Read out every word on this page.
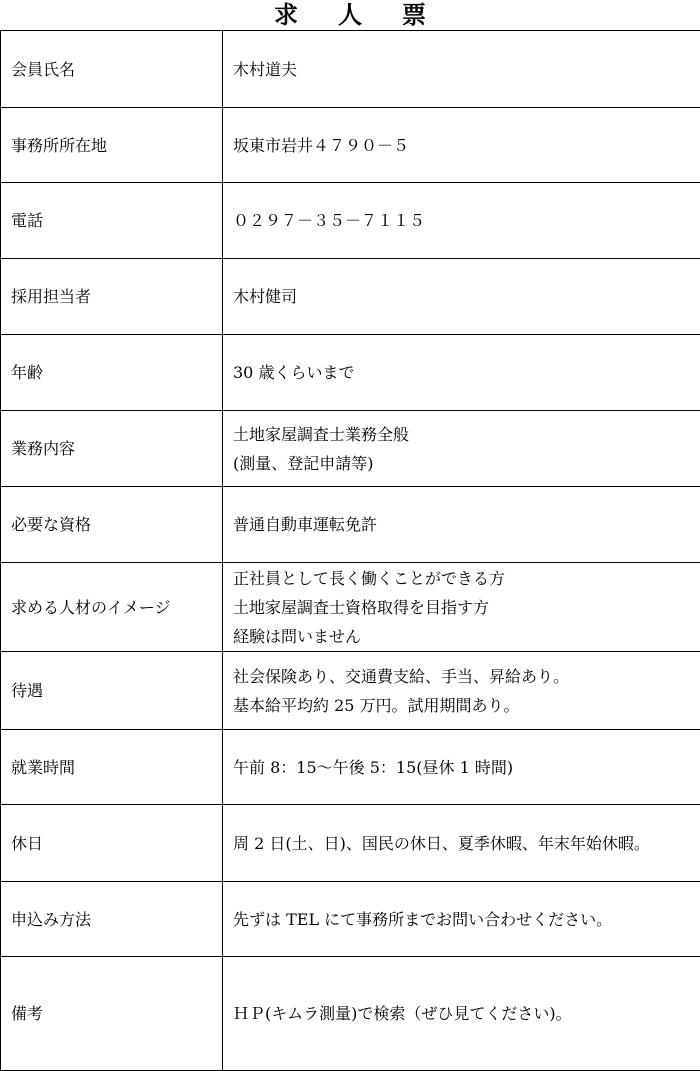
求人票
会員氏名	木村道夫

事務所所在地	坂東市岩井４７９０－５

電話	０２９７－３５－７１１５

採用担当者	木村健司

年齢	30 歳くらいまで

業務内容	土地家屋調査士業務全般
(測量、登記申請等)

必要な資格	普通自動車運転免許

求める人材のイメージ	正社員として長く働くことができる方
土地家屋調査士資格取得を目指す方
経験は問いません

待遇	社会保険あり、交通費支給、手当、昇給あり。
基本給平均約 25 万円。試用期間あり。

就業時間	午前 8：15～午後 5：15(昼休 1 時間)

休日	周 2 日(土、日)、国民の休日、夏季休暇、年末年始休暇。

申込み方法	先ずは TEL にて事務所までお問い合わせください。

備考	ＨＰ(キムラ測量)で検索（ぜひ見てください)。
